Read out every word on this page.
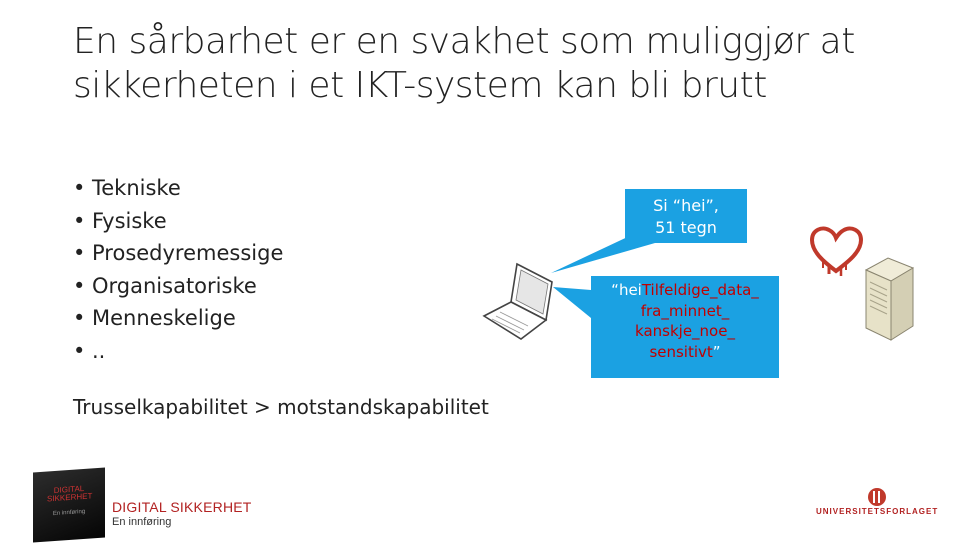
En sårbarhet er en svakhet som muliggjør at
sikkerheten i et IKT-system kan bli brutt
• Tekniske
• Fysiske
• Prosedyremessige
• Organisatoriske
• Menneskelige
• ..
Trusselkapabilitet > motstandskapabilitet
Si “hei”,
51 tegn
“heiTilfeldige_data_
fra_minnet_
kanskje_noe_
sensitivt”
DIGITAL SIKKERHET
En innføring	DIGITAL SIKKERHET
En innføring
UNIVERSITETSFORLAGET
